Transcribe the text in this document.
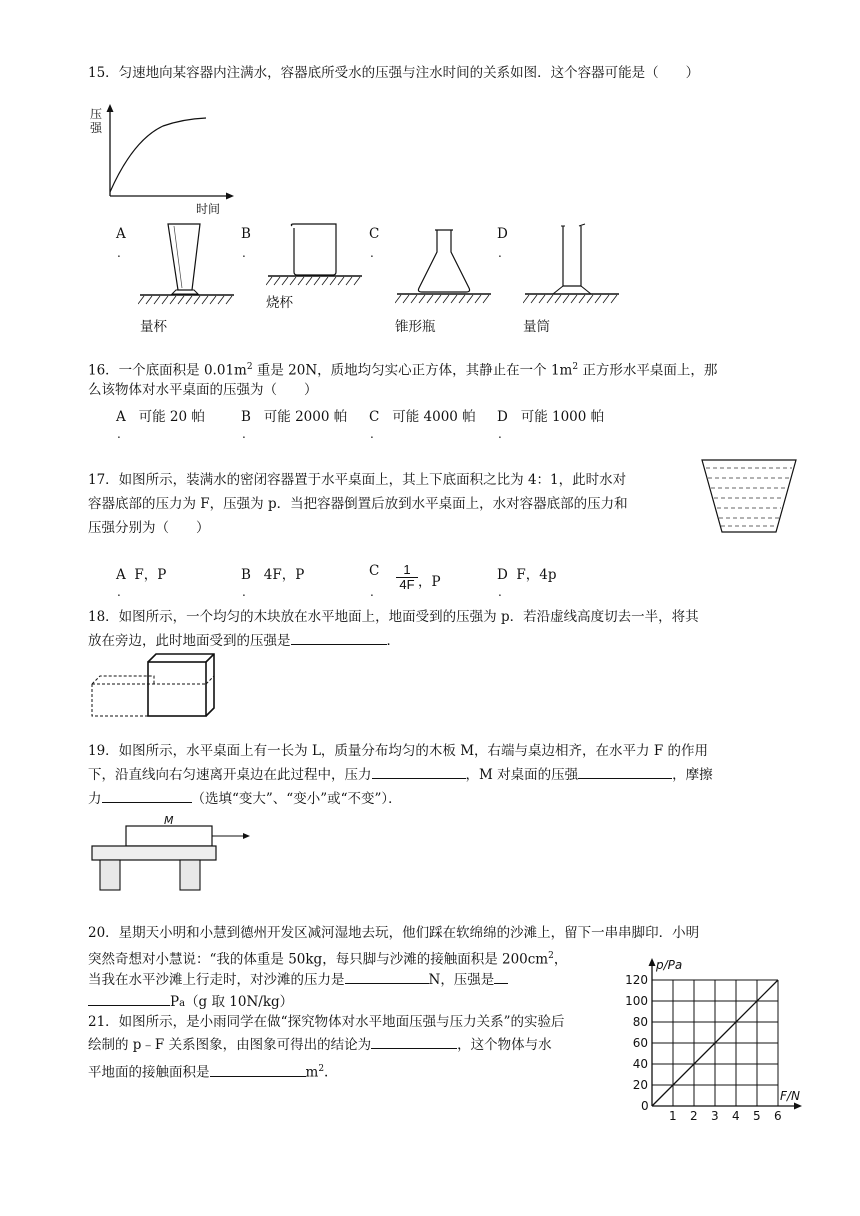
15．匀速地向某容器内注满水，容器底所受水的压强与注水时间的关系如图．这个容器可能是（　　）
压
强
时间
A
.
B
.
C
.
D
.
量杯
烧杯
锥形瓶	量筒
16．一个底面积是 $0.01m^2$ 重是 20N，质地均匀实心正方体，其静止在一个 $1m^2$ 正方形水平桌面上，那
么该物体对水平桌面的压强为（　　）
A 可能 20 帕
.
B 可能 2000 帕
.
C 可能 4000 帕
.
D 可能 1000 帕
.
17．如图所示，装满水的密闭容器置于水平桌面上，其上下底面积之比为 4：1，此时水对
容器底部的压力为 F，压强为 p．当把容器倒置后放到水平桌面上，水对容器底部的压力和
压强分别为（　　）
A F，P
.
B 4F，P
.
C
.
1
4F ，P	D F，4p
.
18．如图所示，一个均匀的木块放在水平地面上，地面受到的压强为 p．若沿虚线高度切去一半，将其
放在旁边，此时地面受到的压强是	．
19．如图所示，水平桌面上有一长为 L，质量分布均匀的木板 M，右端与桌边相齐，在水平力 F 的作用
下，沿直线向右匀速离开桌边在此过程中，压力	，M 对桌面的压强	，摩擦
力	（选填“变大”、“变小”或“不变”）．
M
20．星期天小明和小慧到德州开发区减河湿地去玩，他们踩在软绵绵的沙滩上，留下一串串脚印．小明
突然奇想对小慧说：“我的体重是 50kg，每只脚与沙滩的接触面积是 $200cm^2$，
当我在水平沙滩上行走时，对沙滩的压力是	N，压强是
Pa（g 取 10N/kg）
21．如图所示，是小雨同学在做“探究物体对水平地面压强与压力关系”的实验后
绘制的 p﹣F 关系图象，由图象可得出的结论为	，这个物体与水
平地面的接触面积是	$m^2$.
0
1 2 3 4 5 6
20
40
60
80
100
120
p/Pa
F/N
